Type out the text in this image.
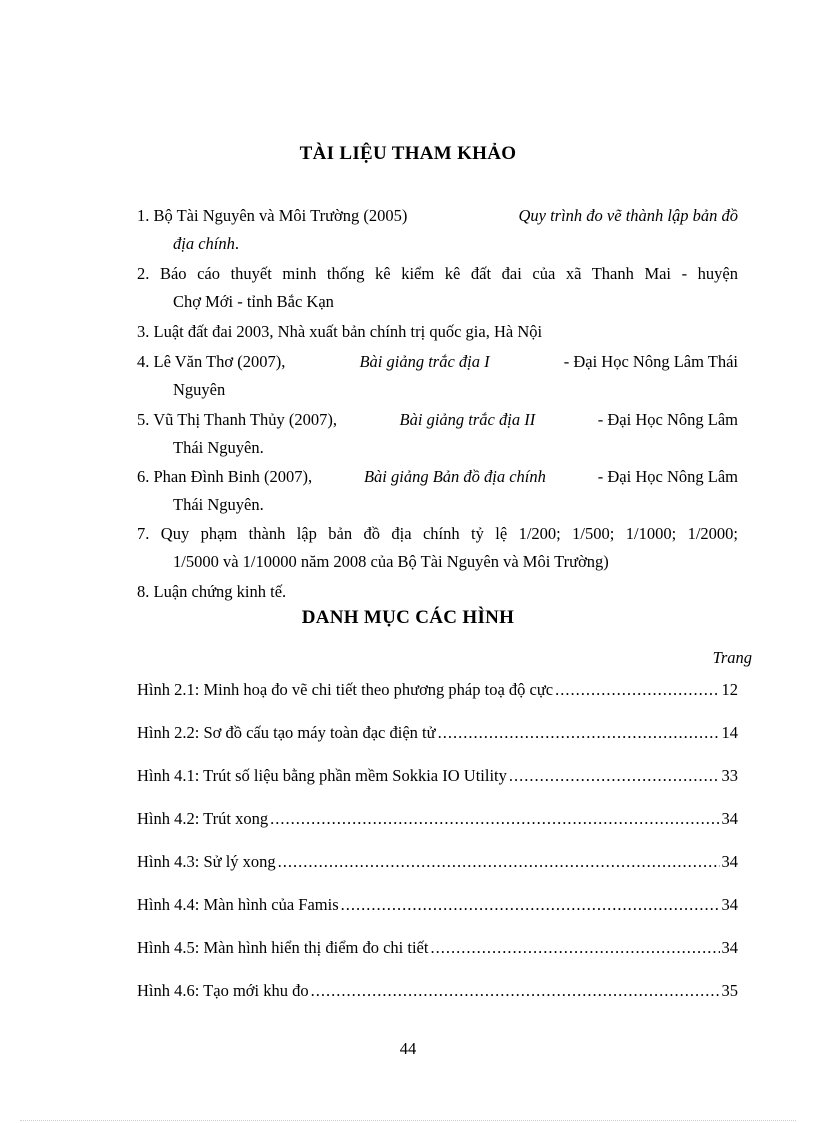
TÀI LIỆU THAM KHẢO
1. Bộ Tài Nguyên và Môi Trường (2005)	Quy trình đo vẽ thành lập bản đồ
địa chính.
2. Báo cáo thuyết minh thống kê kiểm kê đất đai của xã Thanh Mai - huyện
Chợ Mới - tỉnh Bắc Kạn
3. Luật đất đai 2003, Nhà xuất bản chính trị quốc gia, Hà Nội
4. Lê Văn Thơ (2007),	Bài giảng trắc địa I	- Đại Học Nông Lâm Thái
Nguyên
5. Vũ Thị Thanh Thủy (2007),	Bài giảng trắc địa II	- Đại Học Nông Lâm
Thái Nguyên.
6. Phan Đình Binh (2007),	Bài giảng Bản đồ địa chính	- Đại Học Nông Lâm
Thái Nguyên.
7. Quy phạm thành lập bản đồ địa chính tỷ lệ 1/200; 1/500; 1/1000; 1/2000;
1/5000 và 1/10000 năm 2008 của Bộ Tài Nguyên và Môi Trường)
8. Luận chứng kinh tế.
DANH MỤC CÁC HÌNH
Trang
Hình 2.1: Minh hoạ đo vẽ chi tiết theo phương pháp toạ độ cực .....	12
Hình 2.2: Sơ đồ cấu tạo máy toàn đạc điện tử .....	14
Hình 4.1: Trút số liệu bằng phần mềm Sokkia IO Utility .....	33
Hình 4.2: Trút xong .....	34
Hình 4.3: Sử lý xong .....	34
Hình 4.4: Màn hình của Famis .....	34
Hình 4.5: Màn hình hiển thị điểm đo chi tiết .....	34
Hình 4.6: Tạo mới khu đo .....	35
44
